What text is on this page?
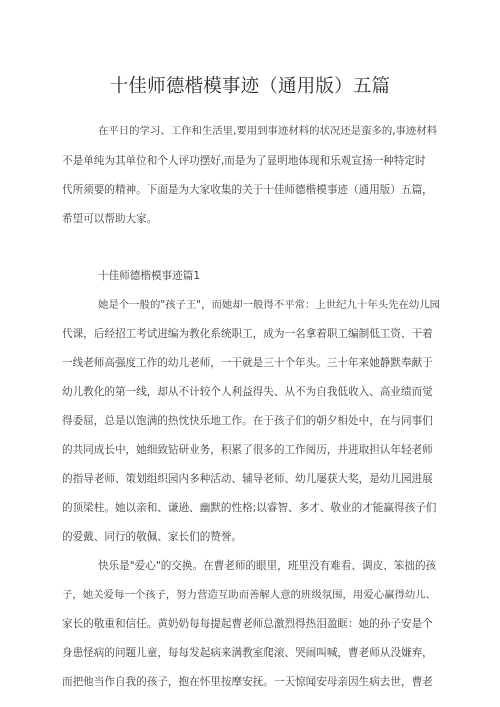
十佳师德楷模事迹（通用版）五篇
在平日的学习、工作和生活里,要用到事迹材料的状况还是蛮多的,事迹材料
不是单纯为其单位和个人评功摆好,而是为了显明地体现和乐观宣扬一种特定时
代所须要的精神。下面是为大家收集的关于十佳师德楷模事迹（通用版）五篇，
希望可以帮助大家。
十佳师德楷模事迹篇1
她是个一般的"孩子王"，而她却一般得不平常：上世纪九十年头先在幼儿园
代课，后经招工考试进编为教化系统职工，成为一名拿着职工编制低工资、干着
一线老师高强度工作的幼儿老师，一干就是三十个年头。三十年来她静默奉献于
幼儿教化的第一线，却从不计较个人利益得失、从不为自我低收入、高业绩而觉
得委屈，总是以饱满的热忱快乐地工作。在于孩子们的朝夕相处中，在与同事们
的共同成长中，她细致钻研业务，积累了很多的工作阅历，并进取担认年轻老师
的指导老师、策划组织园内多种活动、辅导老师、幼儿屡获大奖，是幼儿园进展
的顶梁柱。她以亲和、谦逊、幽默的性格;以睿智、多才、敬业的才能赢得孩子们
的爱戴、同行的敬佩、家长们的赞誉。
快乐是"爱心"的交换。在曹老师的眼里，班里没有难看、调皮、笨拙的孩
子，她关爱每一个孩子，努力营造互助而善解人意的班级氛围，用爱心赢得幼儿、
家长的敬重和信任。黄奶奶每每提起曹老师总激烈得热泪盈眶：她的孙子安是个
身患怪病的问题儿童，每每发起病来满教室爬滚、哭闹叫喊，曹老师从没嫌弃，
而把他当作自我的孩子，抱在怀里按摩安抚。一天惊闻安母亲因生病去世，曹老
